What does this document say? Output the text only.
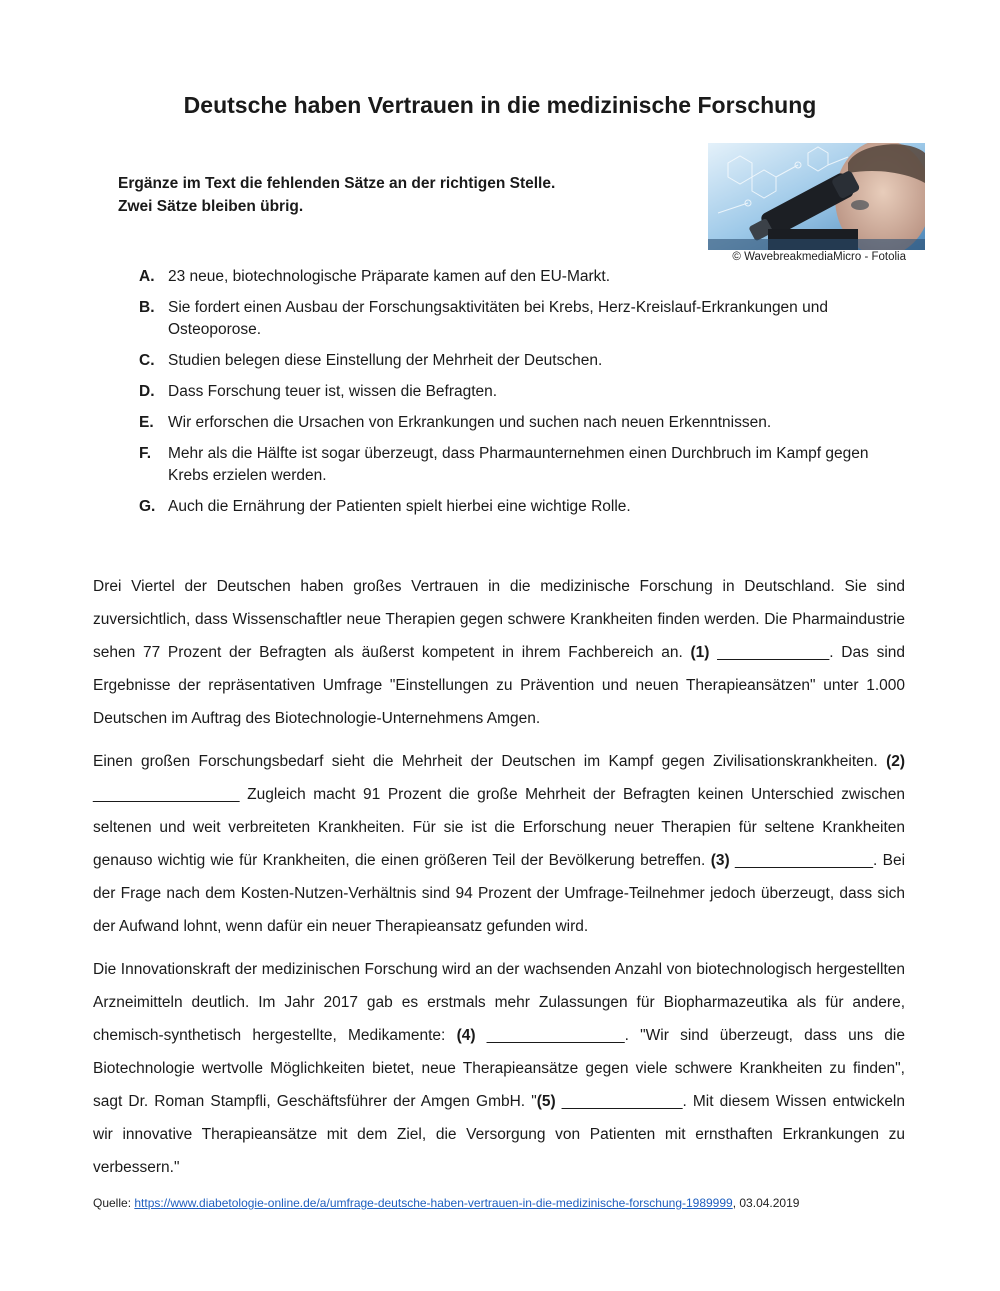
Deutsche haben Vertrauen in die medizinische Forschung
Ergänze im Text die fehlenden Sätze an der richtigen Stelle.
Zwei Sätze bleiben übrig.
© WavebreakmediaMicro - Fotolia
A. 23 neue, biotechnologische Präparate kamen auf den EU-Markt.
B. Sie fordert einen Ausbau der Forschungsaktivitäten bei Krebs, Herz-Kreislauf-Erkrankungen und Osteoporose.
C. Studien belegen diese Einstellung der Mehrheit der Deutschen.
D. Dass Forschung teuer ist, wissen die Befragten.
E. Wir erforschen die Ursachen von Erkrankungen und suchen nach neuen Erkenntnissen.
F.	Mehr als die Hälfte ist sogar überzeugt, dass Pharmaunternehmen einen Durchbruch im Kampf gegen Krebs erzielen werden.
G. Auch die Ernährung der Patienten spielt hierbei eine wichtige Rolle.

Drei Viertel der Deutschen haben großes Vertrauen in die medizinische Forschung in Deutschland. Sie sind zuversichtlich, dass Wissenschaftler neue Therapien gegen schwere Krankheiten finden werden. Die Pharmaindustrie sehen 77 Prozent der Befragten als äußerst kompetent in ihrem Fachbereich an. (1) _____________. Das sind Ergebnisse der repräsentativen Umfrage "Einstellungen zu Prävention und neuen Therapieansätzen" unter 1.000 Deutschen im Auftrag des Biotechnologie-Unternehmens Amgen.

Einen großen Forschungsbedarf sieht die Mehrheit der Deutschen im Kampf gegen Zivilisationskrankheiten. (2) _________________ Zugleich macht 91 Prozent die große Mehrheit der Befragten keinen Unterschied zwischen seltenen und weit verbreiteten Krankheiten. Für sie ist die Erforschung neuer Therapien für seltene Krankheiten genauso wichtig wie für Krankheiten, die einen größeren Teil der Bevölkerung betreffen. (3) ________________. Bei der Frage nach dem Kosten-Nutzen-Verhältnis sind 94 Prozent der Umfrage-Teilnehmer jedoch überzeugt, dass sich der Aufwand lohnt, wenn dafür ein neuer Therapieansatz gefunden wird.

Die Innovationskraft der medizinischen Forschung wird an der wachsenden Anzahl von biotechnologisch hergestellten Arzneimitteln deutlich. Im Jahr 2017 gab es erstmals mehr Zulassungen für Biopharmazeutika als für andere, chemisch-synthetisch hergestellte, Medikamente: (4) ________________. "Wir sind überzeugt, dass uns die Biotechnologie wertvolle Möglichkeiten bietet, neue Therapieansätze gegen viele schwere Krankheiten zu finden", sagt Dr. Roman Stampfli, Geschäftsführer der Amgen GmbH. "(5) ______________. Mit diesem Wissen entwickeln wir innovative Therapieansätze mit dem Ziel, die Versorgung von Patienten mit ernsthaften Erkrankungen zu verbessern."

Quelle: https://www.diabetologie-online.de/a/umfrage-deutsche-haben-vertrauen-in-die-medizinische-forschung-1989999, 03.04.2019
